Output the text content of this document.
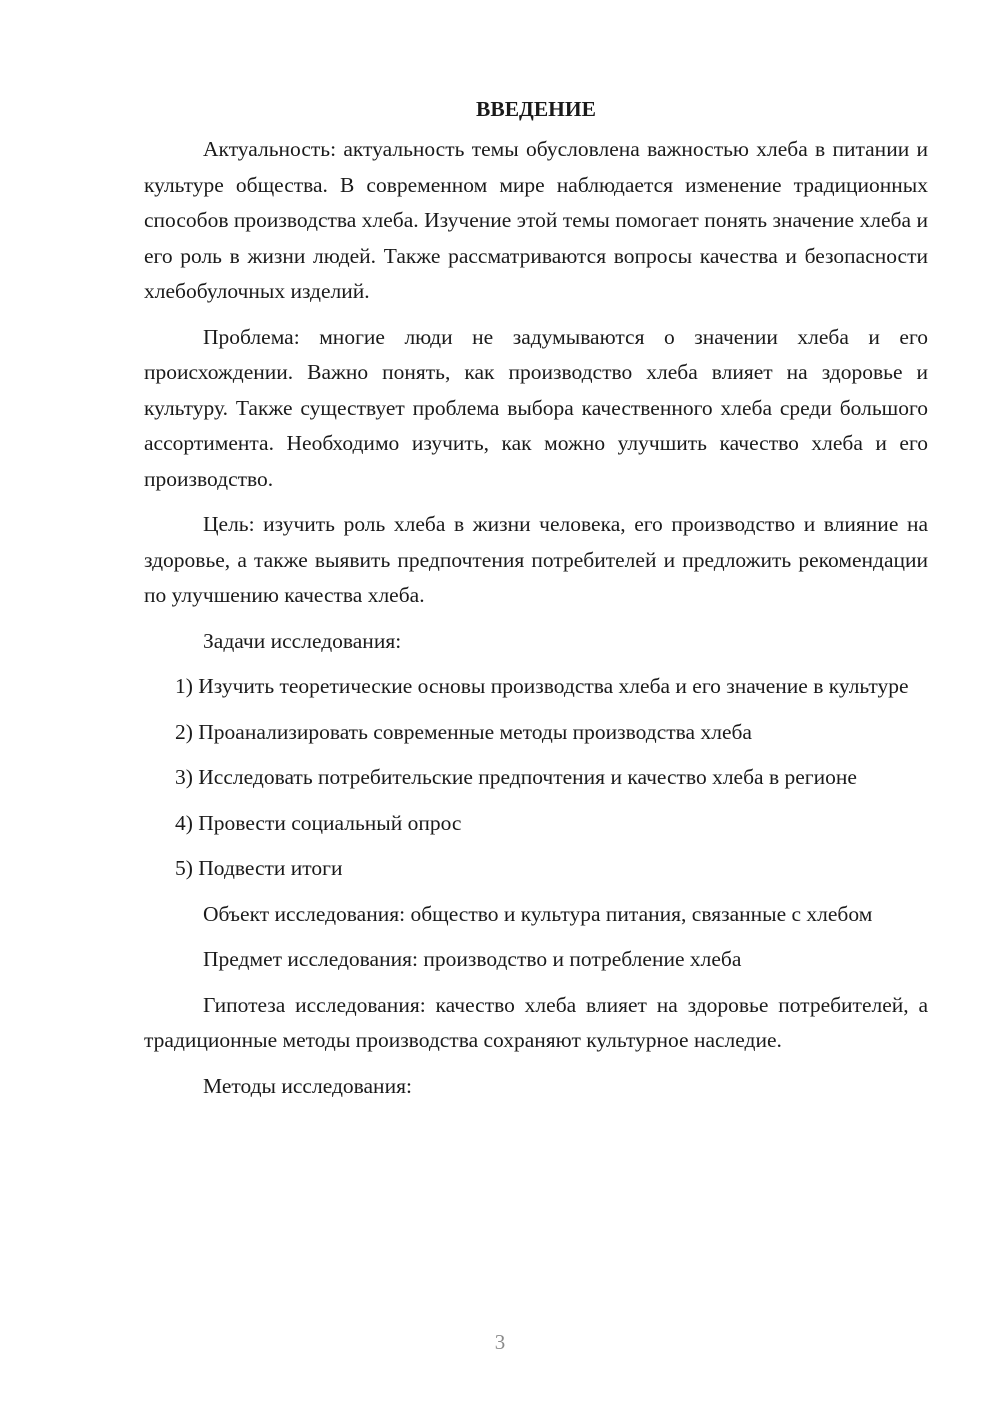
ВВЕДЕНИЕ

Актуальность: актуальность темы обусловлена важностью хлеба в питании и культуре общества. В современном мире наблюдается изменение традиционных способов производства хлеба. Изучение этой темы помогает понять значение хлеба и его роль в жизни людей. Также рассматриваются вопросы качества и безопасности хлебобулочных изделий.

Проблема: многие люди не задумываются о значении хлеба и его происхождении. Важно понять, как производство хлеба влияет на здоровье и культуру. Также существует проблема выбора качественного хлеба среди большого ассортимента. Необходимо изучить, как можно улучшить качество хлеба и его производство.

Цель: изучить роль хлеба в жизни человека, его производство и влияние на здоровье, а также выявить предпочтения потребителей и предложить рекомендации по улучшению качества хлеба.

Задачи исследования:

1) Изучить теоретические основы производства хлеба и его значение в культуре

2) Проанализировать современные методы производства хлеба

3) Исследовать потребительские предпочтения и качество хлеба в регионе

4) Провести социальный опрос

5) Подвести итоги

Объект исследования: общество и культура питания, связанные с хлебом

Предмет исследования: производство и потребление хлеба

Гипотеза исследования: качество хлеба влияет на здоровье потребителей, а традиционные методы производства сохраняют культурное наследие.

Методы исследования:

3
